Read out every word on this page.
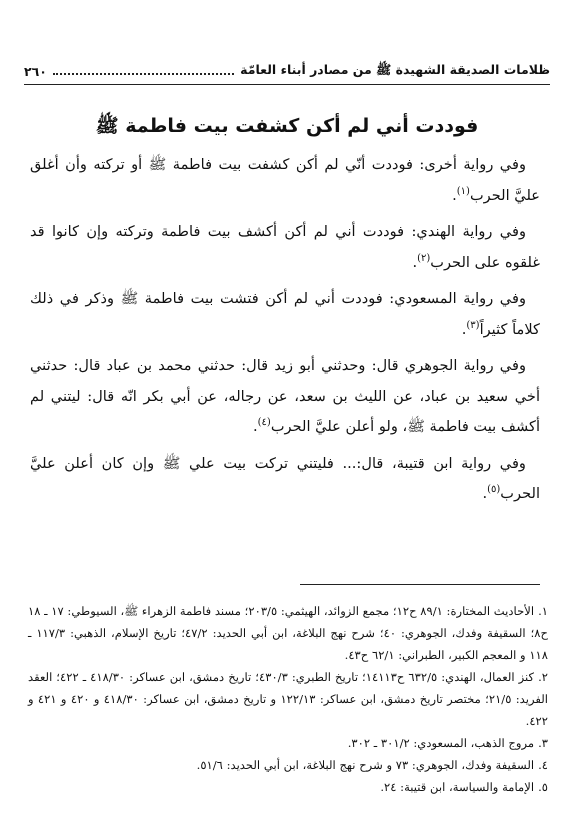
٢٦٠	ظلامات الصديقة الشهيدة ﷺ من مصادر أبناء العامّة
فوددت أني لم أكن كشفت بيت فاطمة ﷺ

وفي رواية أخرى: فوددت أنّي لم أكن كشفت بيت فاطمة ﷺ أو تركته وأن أغلق عليَّ الحرب$^{(١)}$.

وفي رواية الهندي: فوددت أني لم أكن أكشف بيت فاطمة وتركته وإن كانوا قد غلقوه على الحرب$^{(٢)}$.

وفي رواية المسعودي: فوددت أني لم أكن فتشت بيت فاطمة ﷺ وذكر في ذلك كلاماً كثيراً$^{(٣)}$.

وفي رواية الجوهري قال: وحدثني أبو زيد قال: حدثني محمد بن عباد قال: حدثني أخي سعيد بن عباد، عن الليث بن سعد، عن رجاله، عن أبي بكر انّه قال: ليتني لم أكشف بيت فاطمة ﷺ، ولو أعلن عليَّ الحرب$^{(٤)}$.

وفي رواية ابن قتيبة، قال:... فليتني تركت بيت علي ﷺ وإن كان أعلن عليَّ الحرب$^{(٥)}$.

١.الأحاديث المختارة: ٨٩/١ ح١٢؛ مجمع الزوائد، الهيثمي: ٢٠٣/٥؛ مسند فاطمة الزهراء ﷺ، السيوطي: ١٧ ـ ١٨ ح٨؛ السقيفة وفدك، الجوهري: ٤٠؛ شرح نهج البلاغة، ابن أبي الحديد: ٤٧/٢؛ تاريخ الإسلام، الذهبي: ١١٧/٣ ـ ١١٨ و المعجم الكبير، الطبراني: ٦٢/١ ح٤٣.

٢.كنز العمال، الهندي: ٦٣٢/٥ ح١٤١١٣؛ تاريخ الطبري: ٤٣٠/٣؛ تاريخ دمشق، ابن عساكر: ٤١٨/٣٠ ـ ٤٢٢؛ العقد الفريد: ٢١/٥؛ مختصر تاريخ دمشق، ابن عساكر: ١٢٢/١٣ و تاريخ دمشق، ابن عساكر: ٤١٨/٣٠ و ٤٢٠ و ٤٢١ و ٤٢٢.

٣.مروج الذهب، المسعودي: ٣٠١/٢ ـ ٣٠٢.

٤.السقيفة وفدك، الجوهري: ٧٣ و شرح نهج البلاغة، ابن أبي الحديد: ٥١/٦.

٥.الإمامة والسياسة، ابن قتيبة: ٢٤.
